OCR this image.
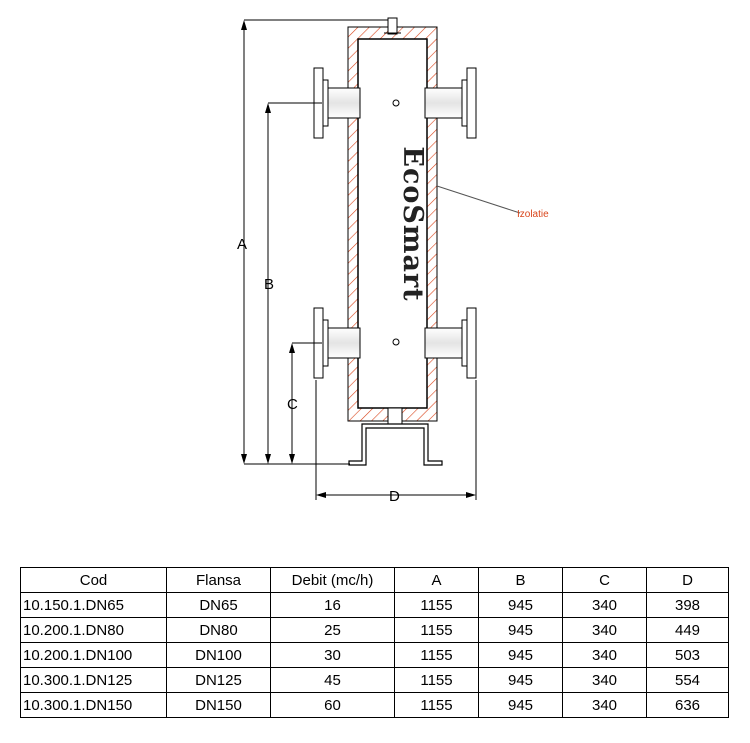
EcoSmart
A
B
C
D
Izolatie
Cod	Flansa	Debit (mc/h)	A	B	C	D
10.150.1.DN65	DN65	16	1155	945	340	398
10.200.1.DN80	DN80	25	1155	945	340	449
10.200.1.DN100	DN100	30	1155	945	340	503
10.300.1.DN125	DN125	45	1155	945	340	554
10.300.1.DN150	DN150	60	1155	945	340	636
